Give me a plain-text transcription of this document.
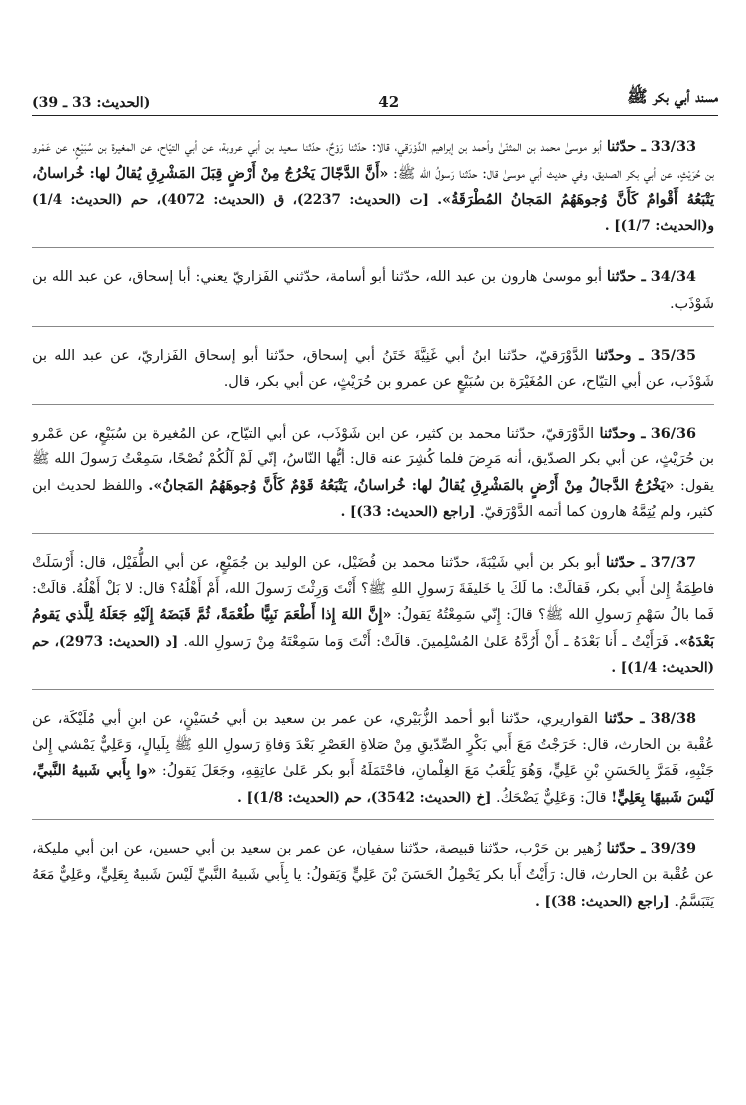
مسند أبي بكر ﷺ
42
(الحديث: 33 ـ 39)

33/33 ـ حدّثنا أبو موسىٰ محمد بن المثنّىٰ وأحمد بن إبراهيم الدَّوْرَقي، قالا: حدّثنا رَوْحٌ، حدّثنا سعيد بن أبي عروبة، عن أبي التيّاح، عن المغيرة بن سُبَيْعٍ، عن عَمْرو بن حُرَيْثٍ، عن أبي بكر الصديق، وفي حديث أبي موسىٰ قال: حدّثنا رَسولُ الله ﷺ: «أَنَّ الدَّجّالَ يَخْرُجُ مِنْ أَرْضٍ قِبَلَ المَشْرِقِ يُقالُ لها: خُراسانُ، يَتْبَعُهُ أَقْوامٌ كَأَنَّ وُجوهَهُمُ المَجانُ المُطْرَقَةُ». [ت (الحديث: 2237)، ق (الحديث: 4072)، حم (الحديث: 1/4) و(الحديث: 1/7)] .

34/34 ـ حدّثنا أبو موسىٰ هارون بن عبد الله، حدّثنا أبو أسامة، حدّثني الفَزاريّ يعني: أبا إسحاق، عن عبد الله بن شَوْذَب.

35/35 ـ وحدّثنا الدَّوْرَقيّ، حدّثنا ابنُ أبي غَنِيَّةَ خَتَنُ أبي إسحاق، حدّثنا أبو إسحاق الفَزاريّ، عن عبد الله بن شَوْذَب، عن أبي التيّاح، عن المُغَيْرَة بن سُبَيْعٍ عن عمرو بن حُرَيْثٍ، عن أبي بكر، قال.

36/36 ـ وحدّثنا الدَّوْرَقيّ، حدّثنا محمد بن كثير، عن ابن شَوْذَب، عن أبي التيّاح، عن المُغيرة بن سُبَيْعٍ، عن عَمْرو بن حُرَيْثٍ، عن أبي بكر الصدّيق، أنه مَرِضَ فلما كُشِرَ عنه قال: أيُّها النّاسُ، إنّي لَمْ آلُكُمْ نُصْحًا، سَمِعْتُ رَسولَ الله ﷺ يقول: «يَخْرُجُ الدَّجالُ مِنْ أَرْضٍ بالمَشْرِقِ يُقالُ لها: خُراسانُ، يَتْبَعُهُ قَوْمٌ كَأَنَّ وُجوهَهُمُ المَجانُ». واللفظ لحديث ابن كثير، ولم يُتِمَّهُ هارون كما أتمه الدَّوْرَقيّ. [راجع (الحديث: 33)] .

37/37 ـ حدّثنا أبو بكر بن أبي شَيْبَةَ، حدّثنا محمد بن فُضَيْل، عن الوليد بن جُمَيْعٍ، عن أبي الطُّفَيْل، قال: أَرْسَلَتْ فاطِمَةُ إِلىٰ أَبي بكر، فَقالَتْ: ما لَكَ يا خَليفَةَ رَسولِ اللهِ ﷺ؟ أَنْتَ وَرِثْتَ رَسولَ الله، أَمْ أَهْلُهُ؟ قال: لا بَلْ أَهْلُهُ. قالَتْ: فَما بالُ سَهْمِ رَسولِ الله ﷺ؟ قالَ: إِنّي سَمِعْتُهُ يَقولُ: «إِنَّ اللهَ إِذا أَطْعَمَ نَبِيًّا طُعْمَةً، ثُمَّ قَبَضَهُ إِلَيْهِ جَعَلَهُ لِلَّذي يَقومُ بَعْدَهُ». فَرَأَيْتُ ـ أَنا بَعْدَهُ ـ أَنْ أَرُدَّهُ عَلىٰ المُسْلِمينَ. قالَتْ: أَنْتَ وَما سَمِعْتَهُ مِنْ رَسولِ الله. [د (الحديث: 2973)، حم (الحديث: 1/4)] .

38/38 ـ حدّثنا القواريري، حدّثنا أبو أحمد الزُّبَيْري، عن عمر بن سعيد بن أبي حُسَيْنٍ، عن ابنِ أبي مُلَيْكَة، عن عُقْبة بن الحارث، قال: خَرَجْتُ مَعَ أَبي بَكْرٍ الصِّدّيقِ مِنْ صَلاةِ العَصْرِ بَعْدَ وَفاةِ رَسولِ اللهِ ﷺ بِلَيالٍ، وَعَلِيٌّ يَمْشي إِلىٰ جَنْبِهِ، فَمَرَّ بِالحَسَنِ بْنِ عَلِيٍّ، وَهُوَ يَلْعَبُ مَعَ الغِلْمانِ، فاحْتَمَلَهُ أَبو بكر عَلىٰ عاتِقِهِ، وجَعَلَ يَقولُ: «وا بِأَبي شَبيهُ النَّبيِّ، لَيْسَ شَبيهًا بِعَلِيٍّ! قالَ: وَعَلِيٌّ يَضْحَكُ. [خ (الحديث: 3542)، حم (الحديث: 1/8)] .

39/39 ـ حدّثنا زُهير بن حَرْب، حدّثنا قبيصة، حدّثنا سفيان، عن عمر بن سعيد بن أبي حسين، عن ابن أبي مليكة، عن عُقْبة بن الحارث، قال: رَأَيْتُ أَبا بكر يَحْمِلُ الحَسَنَ بْنَ عَلِيٍّ وَيَقولُ: يا بِأَبي شَبيهُ النَّبيِّ لَيْسَ شَبيهٌ بِعَلِيٍّ، وعَلِيٌّ مَعَهُ يَتَبَسَّمُ. [راجع (الحديث: 38)] .
